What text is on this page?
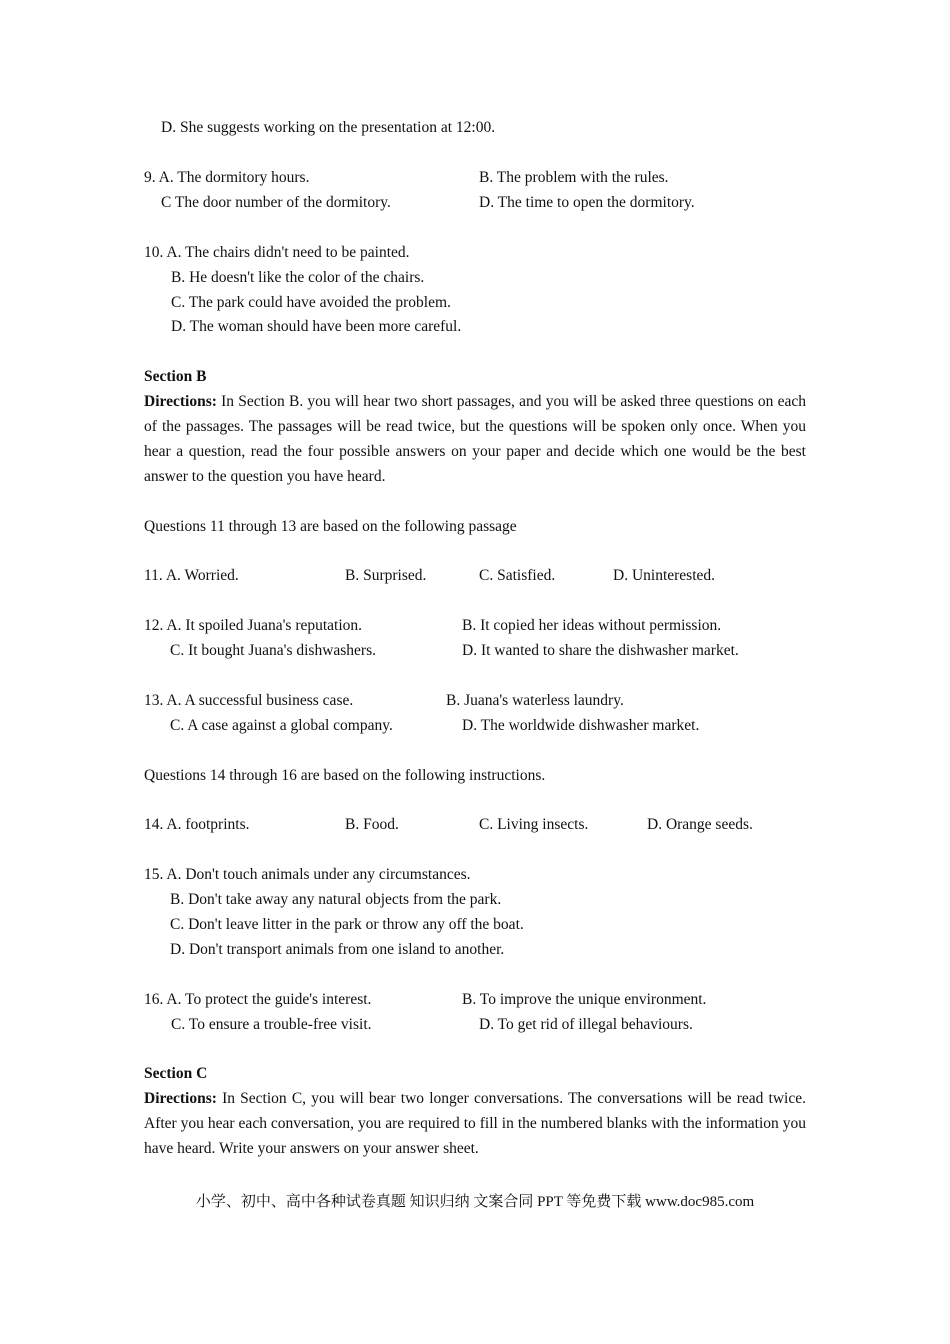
D. She suggests working on the presentation at 12:00.
9. A. The dormitory hours.	B. The problem with the rules.
C The door number of the dormitory.	D. The time to open the dormitory.
10. A. The chairs didn't need to be painted.
B. He doesn't like the color of the chairs.
C. The park could have avoided the problem.
D. The woman should have been more careful.
Section B
Directions: In Section B. you will hear two short passages, and you will be asked three questions on each of the passages. The passages will be read twice, but the questions will be spoken only once. When you hear a question, read the four possible answers on your paper and decide which one would be the best answer to the question you have heard.
Questions 11 through 13 are based on the following passage
11. A. Worried.	B. Surprised.	C. Satisfied.	D. Uninterested.
12. A. It spoiled Juana's reputation.	B. It copied her ideas without permission.
C. It bought Juana's dishwashers.	D. It wanted to share the dishwasher market.
13. A. A successful business case.	B. Juana's waterless laundry.
C. A case against a global company.	D. The worldwide dishwasher market.
Questions 14 through 16 are based on the following instructions.
14. A. footprints.	B. Food.	C. Living insects.	D. Orange seeds.
15. A. Don't touch animals under any circumstances.
B. Don't take away any natural objects from the park.
C. Don't leave litter in the park or throw any off the boat.
D. Don't transport animals from one island to another.
16. A. To protect the guide's interest.	B. To improve the unique environment.
C. To ensure a trouble-free visit.	D. To get rid of illegal behaviours.
Section C
Directions: In Section C, you will bear two longer conversations. The conversations will be read twice. After you hear each conversation, you are required to fill in the numbered blanks with the information you have heard. Write your answers on your answer sheet.
小学、初中、高中各种试卷真题 知识归纳 文案合同 PPT 等免费下载 www.doc985.com
